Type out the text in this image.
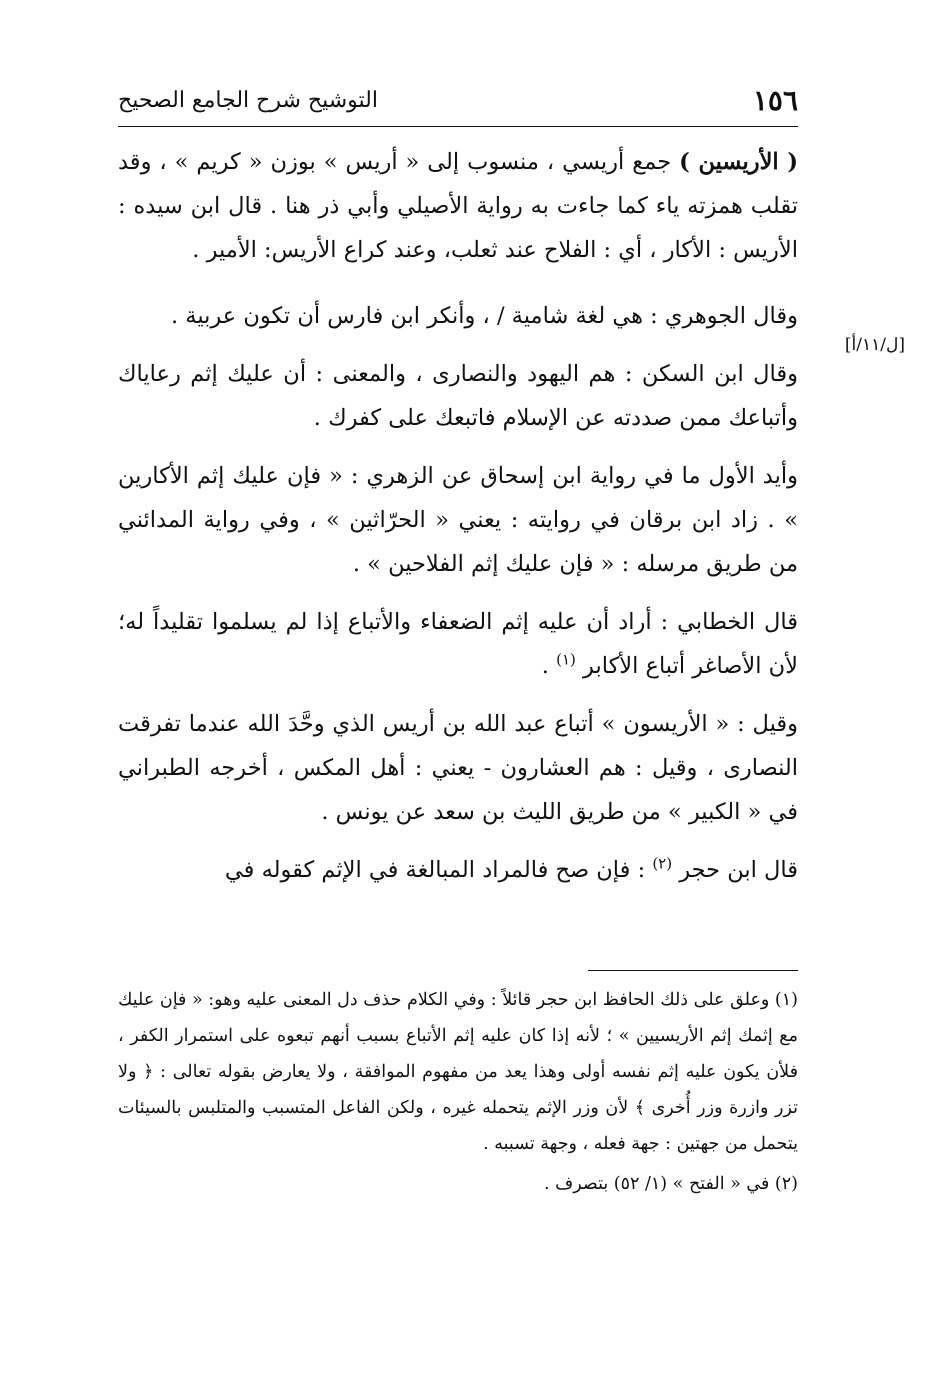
١٥٦
التوشيح شرح الجامع الصحيح
[ل/١١/أ]

( الأريسين ) جمع أريسي ، منسوب إلى « أريس » بوزن « كريم » ، وقد تقلب همزته ياء كما جاءت به رواية الأصيلي وأبي ذر هنا . قال ابن سيده : الأريس : الأكار ، أي : الفلاح عند ثعلب، وعند كراع الأريس: الأمير .

وقال الجوهري : هي لغة شامية / ، وأنكر ابن فارس أن تكون عربية .

وقال ابن السكن : هم اليهود والنصارى ، والمعنى : أن عليك إثم رعاياك وأتباعك ممن صددته عن الإسلام فاتبعك على كفرك .

وأيد الأول ما في رواية ابن إسحاق عن الزهري : « فإن عليك إثم الأكارين » . زاد ابن برقان في روايته : يعني « الحرّاثين » ، وفي رواية المدائني من طريق مرسله : « فإن عليك إثم الفلاحين » .

قال الخطابي : أراد أن عليه إثم الضعفاء والأتباع إذا لم يسلموا تقليداً له؛ لأن الأصاغر أتباع الأكابر $^{(١)}$ .

وقيل : « الأريسون » أتباع عبد الله بن أريس الذي وحَّدَ الله عندما تفرقت النصارى ، وقيل : هم العشارون - يعني : أهل المكس ، أخرجه الطبراني في « الكبير » من طريق الليث بن سعد عن يونس .

قال ابن حجر $^{(٢)}$ : فإن صح فالمراد المبالغة في الإثم كقوله في

(١) وعلق على ذلك الحافظ ابن حجر قائلاً : وفي الكلام حذف دل المعنى عليه وهو: « فإن عليك مع إثمك إثم الأريسيين » ؛ لأنه إذا كان عليه إثم الأتباع بسبب أنهم تبعوه على استمرار الكفر ، فلأن يكون عليه إثم نفسه أولى وهذا يعد من مفهوم الموافقة ، ولا يعارض بقوله تعالى : ﴿ ولا تزر وازرة وزر أُخرى ﴾ لأن وزر الإثم يتحمله غيره ، ولكن الفاعل المتسبب والمتلبس بالسيئات يتحمل من جهتين : جهة فعله ، وجهة تسببه .

(٢) في « الفتح » (١/ ٥٢) بتصرف .
